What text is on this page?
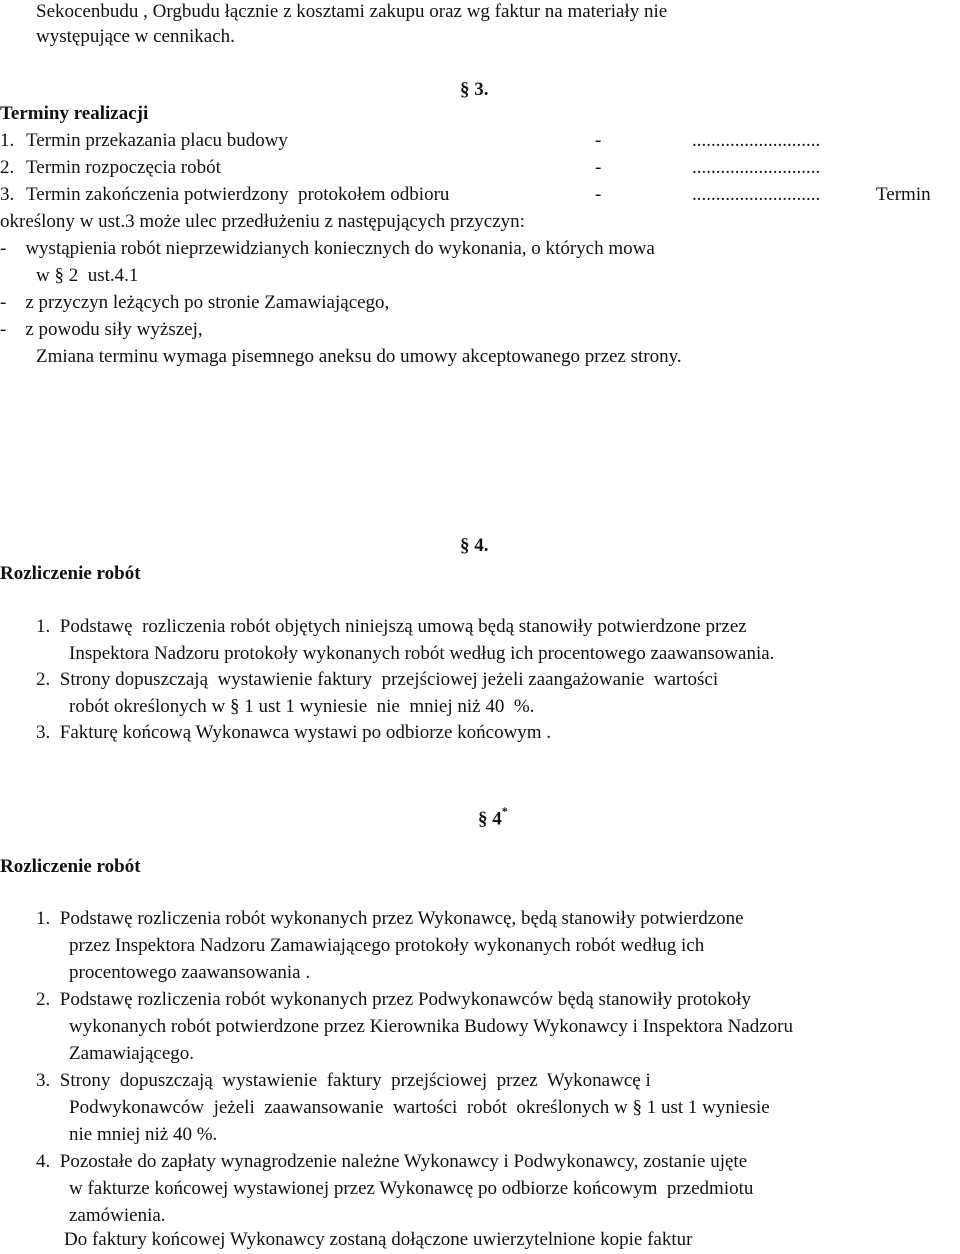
Sekocenbudu , Orgbudu łącznie z kosztami zakupu oraz wg faktur na materiały nie
występujące w cennikach.
§ 3.
Terminy realizacji
1. Termin przekazania placu budowy	-	...........................
2. Termin rozpoczęcia robót	-	...........................
3. Termin zakończenia potwierdzony  protokołem odbioru	-	...........................	Termin
określony w ust.3 może ulec przedłużeniu z następujących przyczyn:
-    wystąpienia robót nieprzewidzianych koniecznych do wykonania, o których mowa
w § 2  ust.4.1
-    z przyczyn leżących po stronie Zamawiającego,
-    z powodu siły wyższej,
Zmiana terminu wymaga pisemnego aneksu do umowy akceptowanego przez strony.
§ 4.
Rozliczenie robót
1.  Podstawę  rozliczenia robót objętych niniejszą umową będą stanowiły potwierdzone przez
Inspektora Nadzoru protokoły wykonanych robót według ich procentowego zaawansowania.
2.  Strony dopuszczają  wystawienie faktury  przejściowej jeżeli zaangażowanie  wartości
robót określonych w § 1 ust 1 wyniesie  nie  mniej niż 40  %.
3.  Fakturę końcową Wykonawca wystawi po odbiorze końcowym .
§ 4*
Rozliczenie robót
1.  Podstawę rozliczenia robót wykonanych przez Wykonawcę, będą stanowiły potwierdzone
przez Inspektora Nadzoru Zamawiającego protokoły wykonanych robót według ich
procentowego zaawansowania .
2.  Podstawę rozliczenia robót wykonanych przez Podwykonawców będą stanowiły protokoły
wykonanych robót potwierdzone przez Kierownika Budowy Wykonawcy i Inspektora Nadzoru
Zamawiającego.
3.  Strony  dopuszczają  wystawienie  faktury  przejściowej  przez  Wykonawcę i
Podwykonawców  jeżeli  zaawansowanie  wartości  robót  określonych w § 1 ust 1 wyniesie
nie mniej niż 40 %.
4.  Pozostałe do zapłaty wynagrodzenie należne Wykonawcy i Podwykonawcy, zostanie ujęte
w fakturze końcowej wystawionej przez Wykonawcę po odbiorze końcowym  przedmiotu
zamówienia.
Do faktury końcowej Wykonawcy zostaną dołączone uwierzytelnione kopie faktur
